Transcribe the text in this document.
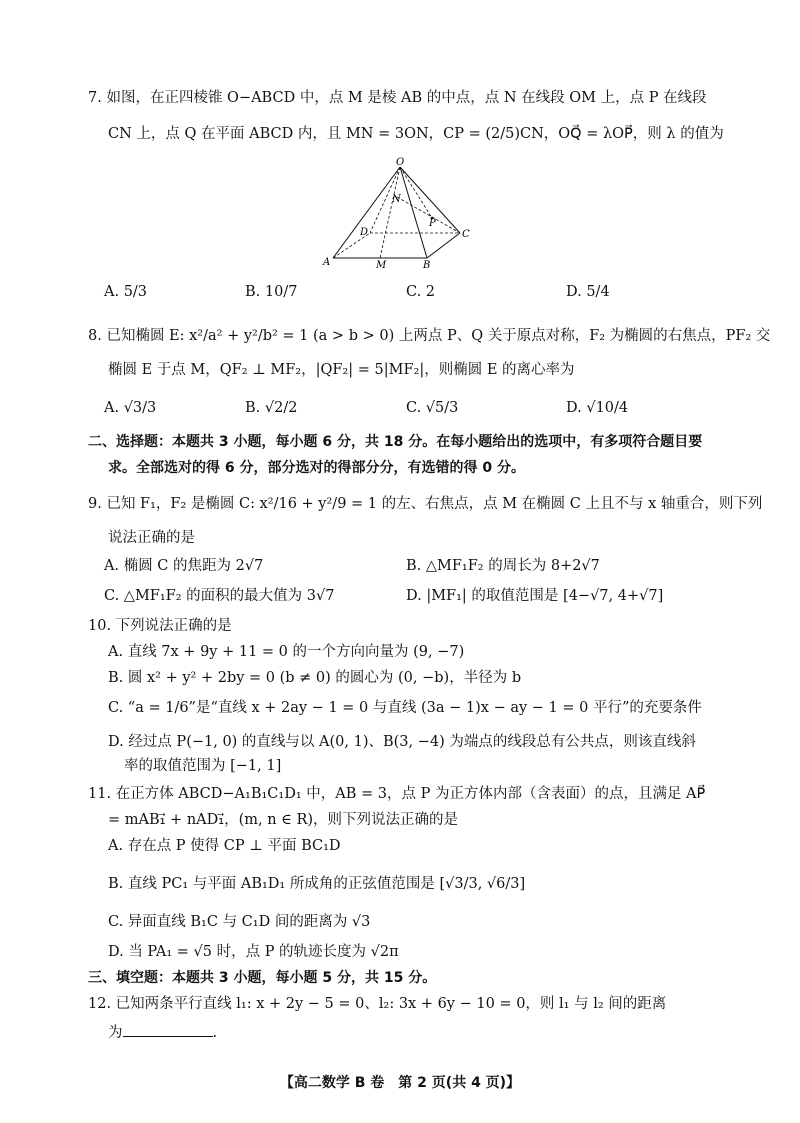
7. 如图，在正四棱锥 O−ABCD 中，点 M 是棱 AB 的中点，点 N 在线段 OM 上，点 P 在线段
CN 上，点 Q 在平面 ABCD 内，且 MN = 3ON，CP = (2/5)CN，OQ⃗ = λOP⃗，则 λ 的值为
O
N
P
D	C
A	M	B
A. 5/3	B. 10/7	C. 2	D. 5/4
8. 已知椭圆 E: x²/a² + y²/b² = 1 (a > b > 0) 上两点 P、Q 关于原点对称，F₂ 为椭圆的右焦点，PF₂ 交
椭圆 E 于点 M，QF₂ ⊥ MF₂，|QF₂| = 5|MF₂|，则椭圆 E 的离心率为
A. √3/3	B. √2/2	C. √5/3	D. √10/4
二、选择题：本题共 3 小题，每小题 6 分，共 18 分。在每小题给出的选项中，有多项符合题目要
求。全部选对的得 6 分，部分选对的得部分分，有选错的得 0 分。
9. 已知 F₁，F₂ 是椭圆 C: x²/16 + y²/9 = 1 的左、右焦点，点 M 在椭圆 C 上且不与 x 轴重合，则下列
说法正确的是
A. 椭圆 C 的焦距为 2√7	B. △MF₁F₂ 的周长为 8+2√7
C. △MF₁F₂ 的面积的最大值为 3√7	D. |MF₁| 的取值范围是 [4−√7, 4+√7]
10. 下列说法正确的是
A. 直线 7x + 9y + 11 = 0 的一个方向向量为 (9, −7)
B. 圆 x² + y² + 2by = 0 (b ≠ 0) 的圆心为 (0, −b)，半径为 b
C. “a = 1/6”是“直线 x + 2ay − 1 = 0 与直线 (3a − 1)x − ay − 1 = 0 平行”的充要条件
D. 经过点 P(−1, 0) 的直线与以 A(0, 1)、B(3, −4) 为端点的线段总有公共点，则该直线斜
率的取值范围为 [−1, 1]
11. 在正方体 ABCD−A₁B₁C₁D₁ 中，AB = 3，点 P 为正方体内部（含表面）的点，且满足 AP⃗
= mAB₁⃗ + nAD₁⃗，(m, n ∈ R)，则下列说法正确的是
A. 存在点 P 使得 CP ⊥ 平面 BC₁D
B. 直线 PC₁ 与平面 AB₁D₁ 所成角的正弦值范围是 [√3/3, √6/3]
C. 异面直线 B₁C 与 C₁D 间的距离为 √3
D. 当 PA₁ = √5 时，点 P 的轨迹长度为 √2π
三、填空题：本题共 3 小题，每小题 5 分，共 15 分。
12. 已知两条平行直线 l₁: x + 2y − 5 = 0、l₂: 3x + 6y − 10 = 0，则 l₁ 与 l₂ 间的距离
为	.
【高二数学 B 卷　第 2 页(共 4 页)】
